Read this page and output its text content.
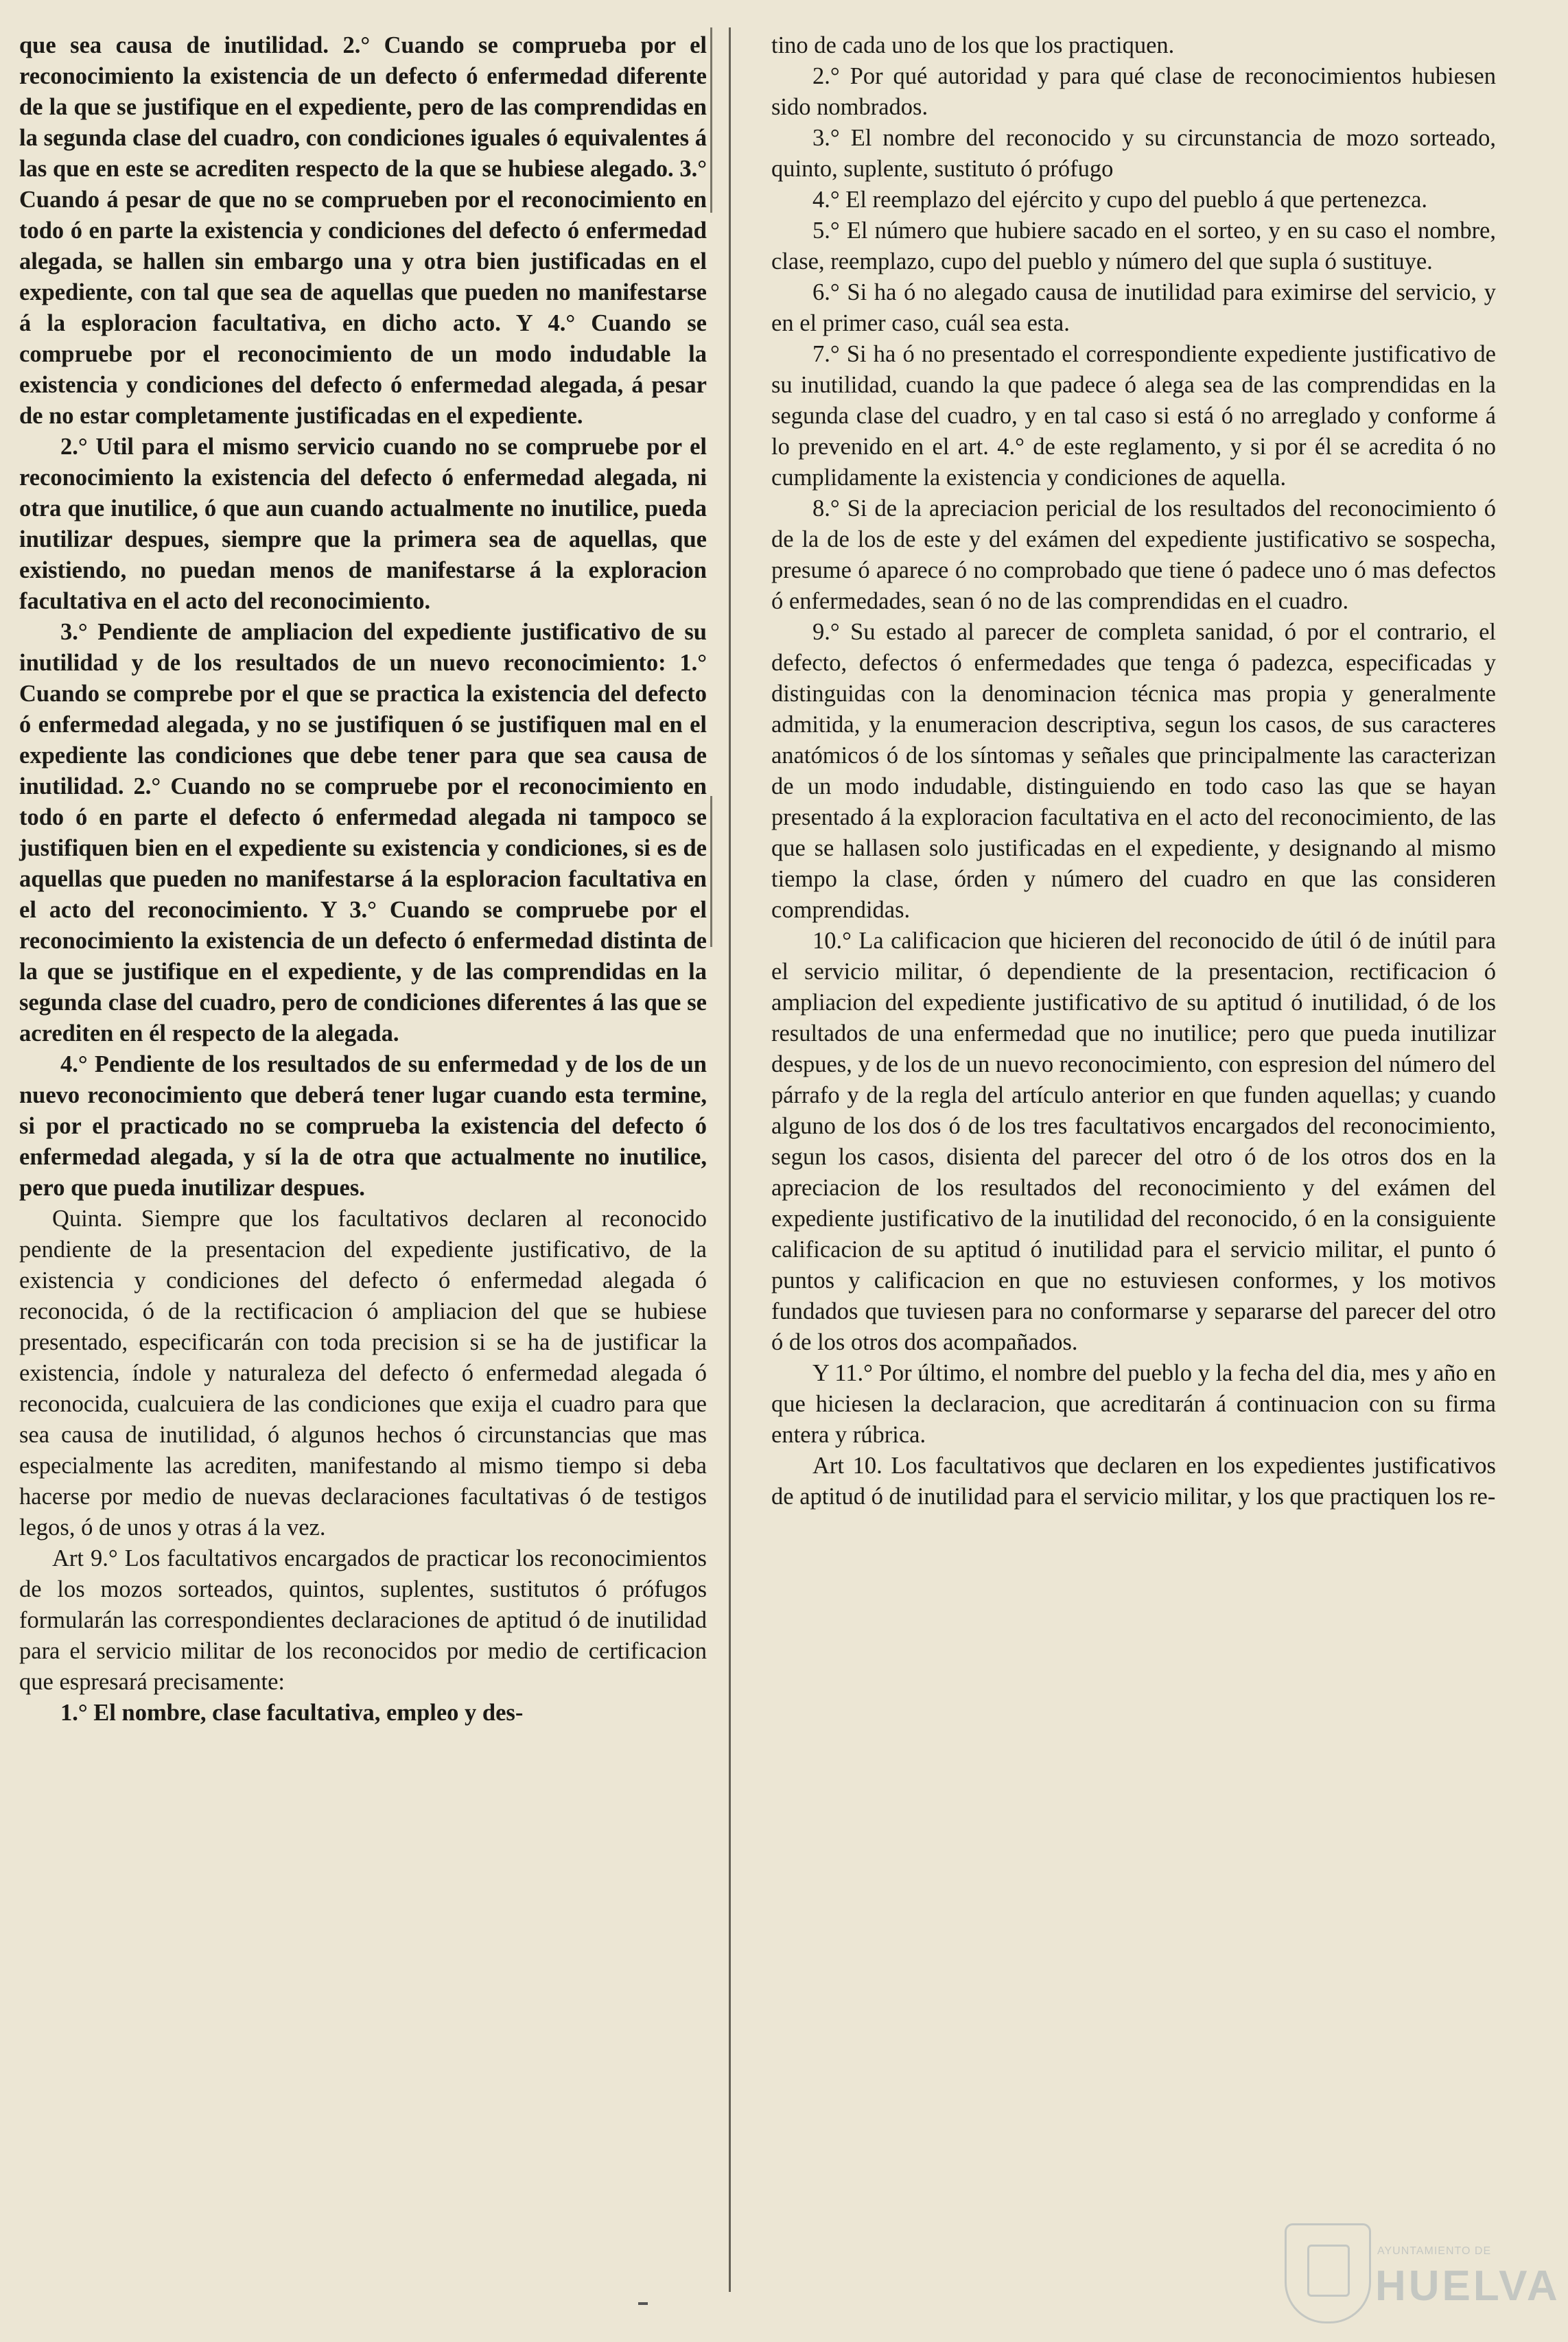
que sea causa de inutilidad. 2.° Cuando se comprueba por el reconocimiento la existencia de un defecto ó enfermedad diferente de la que se justifique en el expediente, pero de las comprendidas en la segunda clase del cuadro, con condiciones iguales ó equivalentes á las que en este se acrediten respecto de la que se hubiese alegado. 3.° Cuando á pesar de que no se comprueben por el reconocimiento en todo ó en parte la existencia y condiciones del defecto ó enfermedad alegada, se hallen sin embargo una y otra bien justificadas en el expediente, con tal que sea de aquellas que pueden no manifestarse á la esploracion facultativa, en dicho acto. Y 4.° Cuando se compruebe por el reconocimiento de un modo indudable la existencia y condiciones del defecto ó enfermedad alegada, á pesar de no estar completamente justificadas en el expediente.

2.° Util para el mismo servicio cuando no se compruebe por el reconocimiento la existencia del defecto ó enfermedad alegada, ni otra que inutilice, ó que aun cuando actualmente no inutilice, pueda inutilizar despues, siempre que la primera sea de aquellas, que existiendo, no puedan menos de manifestarse á la exploracion facultativa en el acto del reconocimiento.

3.° Pendiente de ampliacion del expediente justificativo de su inutilidad y de los resultados de un nuevo reconocimiento: 1.° Cuando se comprebe por el que se practica la existencia del defecto ó enfermedad alegada, y no se justifiquen ó se justifiquen mal en el expediente las condiciones que debe tener para que sea causa de inutilidad. 2.° Cuando no se compruebe por el reconocimiento en todo ó en parte el defecto ó enfermedad alegada ni tampoco se justifiquen bien en el expediente su existencia y condiciones, si es de aquellas que pueden no manifestarse á la esploracion facultativa en el acto del reconocimiento. Y 3.° Cuando se compruebe por el reconocimiento la existencia de un defecto ó enfermedad distinta de la que se justifique en el expediente, y de las comprendidas en la segunda clase del cuadro, pero de condiciones diferentes á las que se acrediten en él respecto de la alegada.

4.° Pendiente de los resultados de su enfermedad y de los de un nuevo reconocimiento que deberá tener lugar cuando esta termine, si por el practicado no se comprueba la existencia del defecto ó enfermedad alegada, y sí la de otra que actualmente no inutilice, pero que pueda inutilizar despues.

Quinta. Siempre que los facultativos declaren al reconocido pendiente de la presentacion del expediente justificativo, de la existencia y condiciones del defecto ó enfermedad alegada ó reconocida, ó de la rectificacion ó ampliacion del que se hubiese presentado, especificarán con toda precision si se ha de justificar la existencia, índole y naturaleza del defecto ó enfermedad alegada ó reconocida, cualcuiera de las condiciones que exija el cuadro para que sea causa de inutilidad, ó algunos hechos ó circunstancias que mas especialmente las acrediten, manifestando al mismo tiempo si deba hacerse por medio de nuevas declaraciones facultativas ó de testigos legos, ó de unos y otras á la vez.

Art 9.° Los facultativos encargados de practicar los reconocimientos de los mozos sorteados, quintos, suplentes, sustitutos ó prófugos formularán las correspondientes declaraciones de aptitud ó de inutilidad para el servicio militar de los reconocidos por medio de certificacion que espresará precisamente:

1.° El nombre, clase facultativa, empleo y des-

tino de cada uno de los que los practiquen.

2.° Por qué autoridad y para qué clase de reconocimientos hubiesen sido nombrados.

3.° El nombre del reconocido y su circunstancia de mozo sorteado, quinto, suplente, sustituto ó prófugo

4.° El reemplazo del ejército y cupo del pueblo á que pertenezca.

5.° El número que hubiere sacado en el sorteo, y en su caso el nombre, clase, reemplazo, cupo del pueblo y número del que supla ó sustituye.

6.° Si ha ó no alegado causa de inutilidad para eximirse del servicio, y en el primer caso, cuál sea esta.

7.° Si ha ó no presentado el correspondiente expediente justificativo de su inutilidad, cuando la que padece ó alega sea de las comprendidas en la segunda clase del cuadro, y en tal caso si está ó no arreglado y conforme á lo prevenido en el art. 4.° de este reglamento, y si por él se acredita ó no cumplidamente la existencia y condiciones de aquella.

8.° Si de la apreciacion pericial de los resultados del reconocimiento ó de la de los de este y del exámen del expediente justificativo se sospecha, presume ó aparece ó no comprobado que tiene ó padece uno ó mas defectos ó enfermedades, sean ó no de las comprendidas en el cuadro.

9.° Su estado al parecer de completa sanidad, ó por el contrario, el defecto, defectos ó enfermedades que tenga ó padezca, especificadas y distinguidas con la denominacion técnica mas propia y generalmente admitida, y la enumeracion descriptiva, segun los casos, de sus caracteres anatómicos ó de los síntomas y señales que principalmente las caracterizan de un modo indudable, distinguiendo en todo caso las que se hayan presentado á la exploracion facultativa en el acto del reconocimiento, de las que se hallasen solo justificadas en el expediente, y designando al mismo tiempo la clase, órden y número del cuadro en que las consideren comprendidas.

10.° La calificacion que hicieren del reconocido de útil ó de inútil para el servicio militar, ó dependiente de la presentacion, rectificacion ó ampliacion del expediente justificativo de su aptitud ó inutilidad, ó de los resultados de una enfermedad que no inutilice; pero que pueda inutilizar despues, y de los de un nuevo reconocimiento, con espresion del número del párrafo y de la regla del artículo anterior en que funden aquellas; y cuando alguno de los dos ó de los tres facultativos encargados del reconocimiento, segun los casos, disienta del parecer del otro ó de los otros dos en la apreciacion de los resultados del reconocimiento y del exámen del expediente justificativo de la inutilidad del reconocido, ó en la consiguiente calificacion de su aptitud ó inutilidad para el servicio militar, el punto ó puntos y calificacion en que no estuviesen conformes, y los motivos fundados que tuviesen para no conformarse y separarse del parecer del otro ó de los otros dos acompañados.

Y 11.° Por último, el nombre del pueblo y la fecha del dia, mes y año en que hiciesen la declaracion, que acreditarán á continuacion con su firma entera y rúbrica.

Art 10. Los facultativos que declaren en los expedientes justificativos de aptitud ó de inutilidad para el servicio militar, y los que practiquen los re-

AYUNTAMIENTO DE
HUELVA
